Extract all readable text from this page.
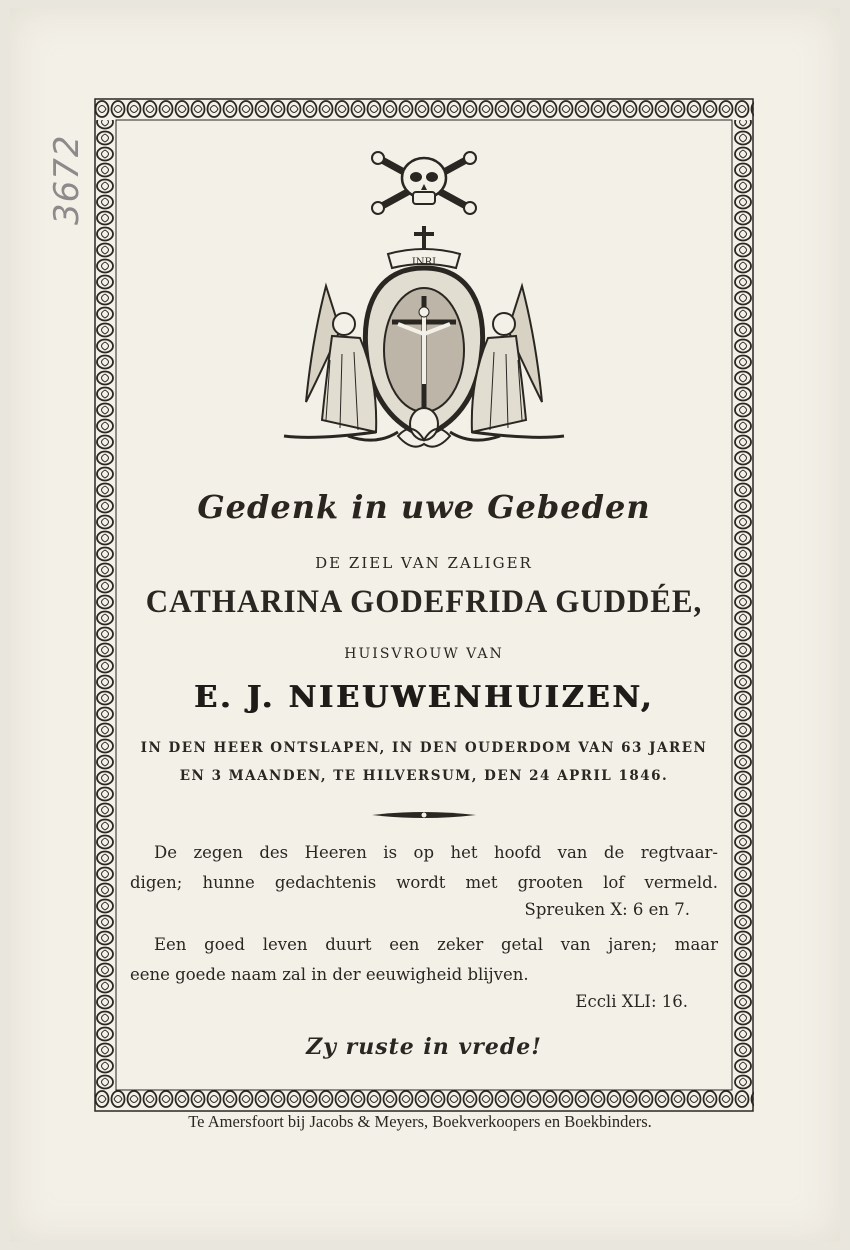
3672
INRI
Gedenk in uwe Gebeden
DE ZIEL VAN ZALIGER
CATHARINA GODEFRIDA GUDDÉE,
HUISVROUW VAN
E. J. NIEUWENHUIZEN,
IN DEN HEER ONTSLAPEN, IN DEN OUDERDOM VAN 63 JAREN
EN 3 MAANDEN, TE HILVERSUM, DEN 24 APRIL 1846.
De zegen des Heeren is op het hoofd van de regtvaar-
digen; hunne gedachtenis wordt met grooten lof vermeld.
Spreuken X: 6 en 7.
Een goed leven duurt een zeker getal van jaren; maar
eene goede naam zal in der eeuwigheid blijven.
Eccli XLI: 16.
Zy ruste in vrede!
Te Amersfoort bij Jacobs & Meyers, Boekverkoopers en Boekbinders.
